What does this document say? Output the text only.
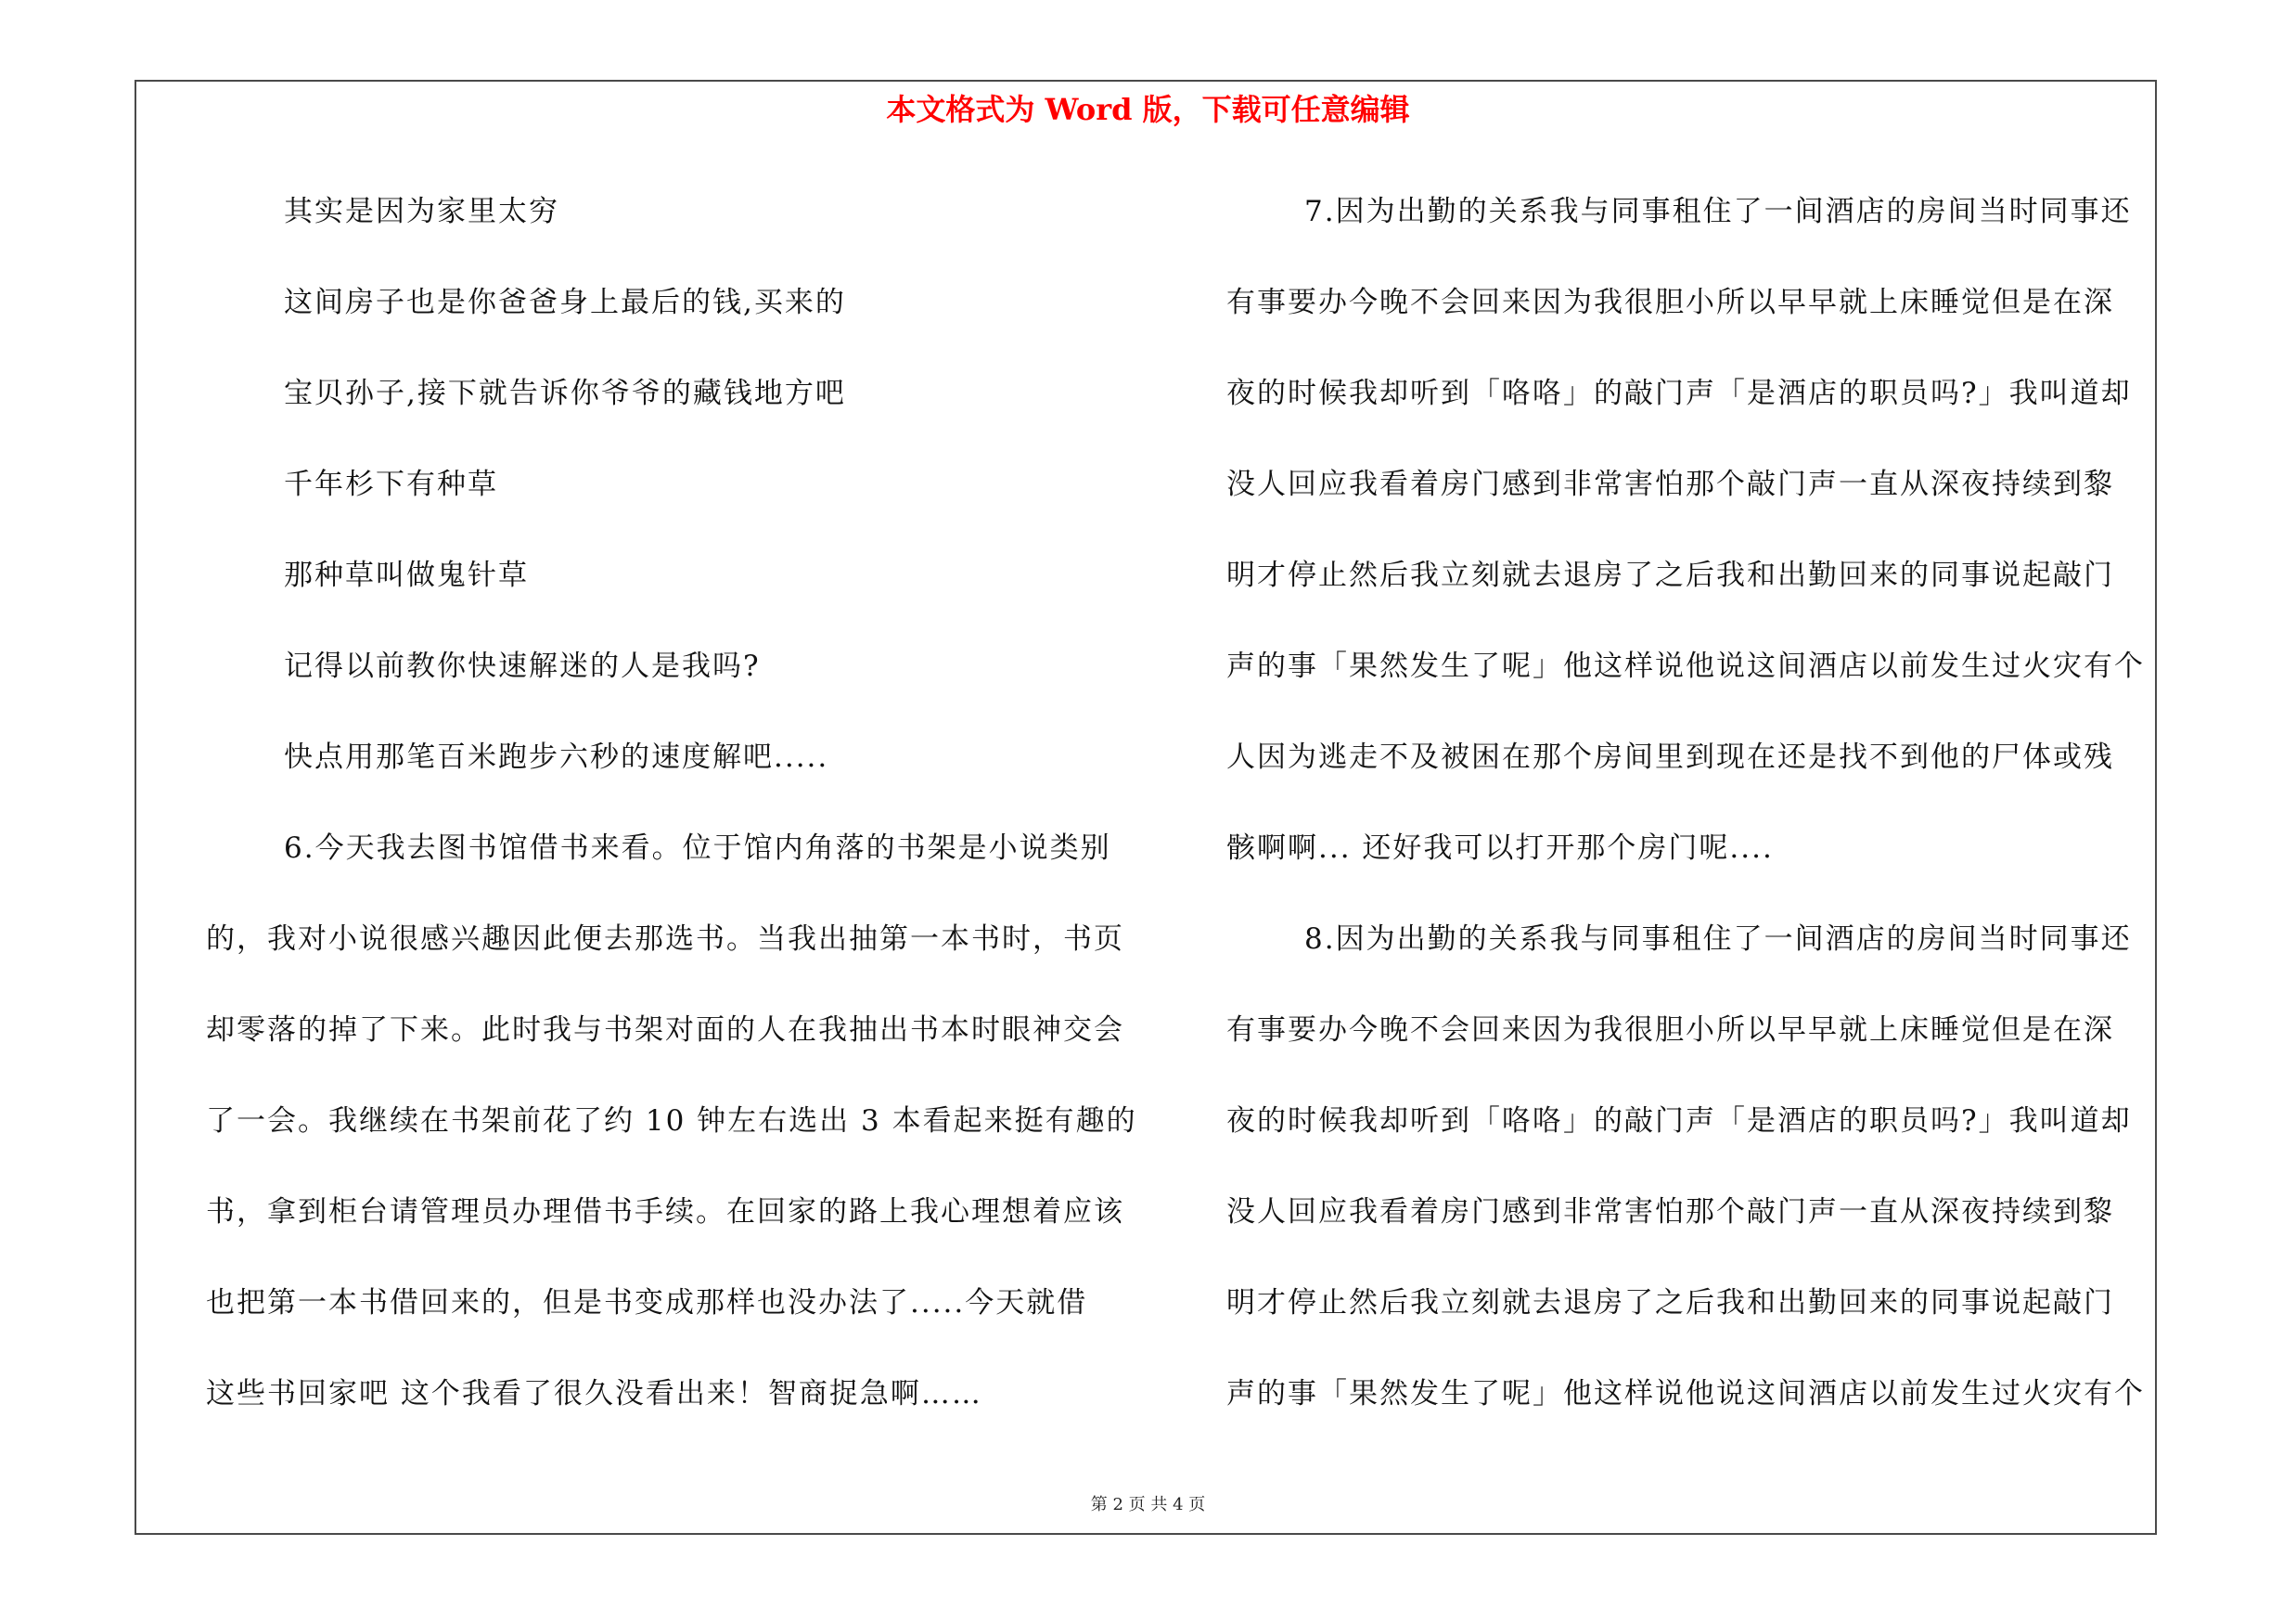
本文格式为 Word 版，下载可任意编辑
其实是因为家里太穷
这间房子也是你爸爸身上最后的钱,买来的
宝贝孙子,接下就告诉你爷爷的藏钱地方吧
千年杉下有种草
那种草叫做鬼针草
记得以前教你快速解迷的人是我吗?
快点用那笔百米跑步六秒的速度解吧.....
6.今天我去图书馆借书来看。位于馆内角落的书架是小说类别
的，我对小说很感兴趣因此便去那选书。当我出抽第一本书时，书页
却零落的掉了下来。此时我与书架对面的人在我抽出书本时眼神交会
了一会。我继续在书架前花了约 10 钟左右选出 3 本看起来挺有趣的
书，拿到柜台请管理员办理借书手续。在回家的路上我心理想着应该
也把第一本书借回来的，但是书变成那样也没办法了.....今天就借
这些书回家吧 这个我看了很久没看出来！智商捉急啊……
7.因为出勤的关系我与同事租住了一间酒店的房间当时同事还
有事要办今晚不会回来因为我很胆小所以早早就上床睡觉但是在深
夜的时候我却听到「咯咯」的敲门声「是酒店的职员吗?」我叫道却
没人回应我看着房门感到非常害怕那个敲门声一直从深夜持续到黎
明才停止然后我立刻就去退房了之后我和出勤回来的同事说起敲门
声的事「果然发生了呢」他这样说他说这间酒店以前发生过火灾有个
人因为逃走不及被困在那个房间里到现在还是找不到他的尸体或残
骸啊啊... 还好我可以打开那个房门呢....
8.因为出勤的关系我与同事租住了一间酒店的房间当时同事还
有事要办今晚不会回来因为我很胆小所以早早就上床睡觉但是在深
夜的时候我却听到「咯咯」的敲门声「是酒店的职员吗?」我叫道却
没人回应我看着房门感到非常害怕那个敲门声一直从深夜持续到黎
明才停止然后我立刻就去退房了之后我和出勤回来的同事说起敲门
声的事「果然发生了呢」他这样说他说这间酒店以前发生过火灾有个
第 2 页 共 4 页
